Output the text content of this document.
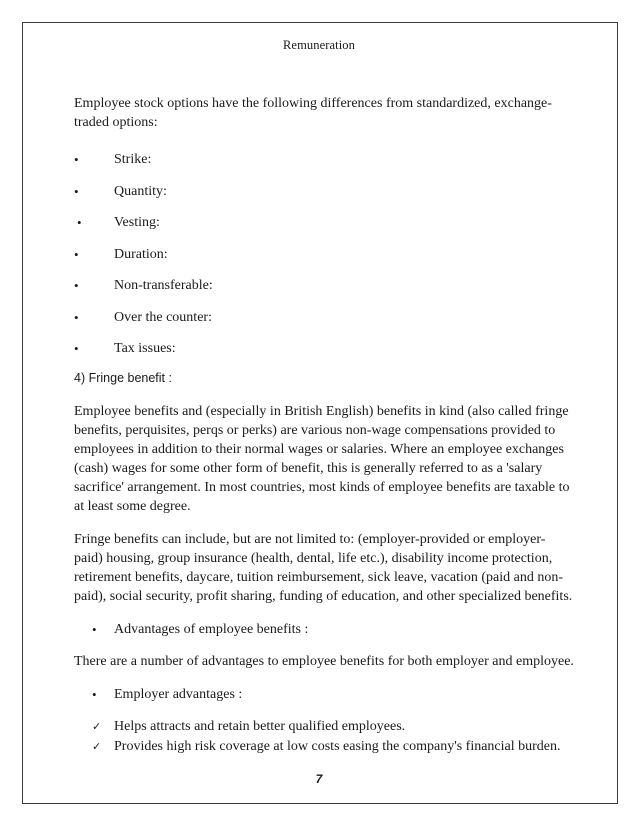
Remuneration

Employee stock options have the following differences from standardized, exchange-traded options:

•	Strike:
•	Quantity:
• Vesting:
•	Duration:
•	Non-transferable:
•	Over the counter:
•	Tax issues:
4) Fringe benefit :

Employee benefits and (especially in British English) benefits in kind (also called fringe benefits, perquisites, perqs or perks) are various non-wage compensations provided to employees in addition to their normal wages or salaries. Where an employee exchanges (cash) wages for some other form of benefit, this is generally referred to as a 'salary sacrifice' arrangement. In most countries, most kinds of employee benefits are taxable to at least some degree.

Fringe benefits can include, but are not limited to: (employer-provided or employer-paid) housing, group insurance (health, dental, life etc.), disability income protection, retirement benefits, daycare, tuition reimbursement, sick leave, vacation (paid and non-paid), social security, profit sharing, funding of education, and other specialized benefits.

• Advantages of employee benefits :

There are a number of advantages to employee benefits for both employer and employee.

• Employer advantages :
✓ Helps attracts and retain better qualified employees.
✓ Provides high risk coverage at low costs easing the company's financial burden.
7
